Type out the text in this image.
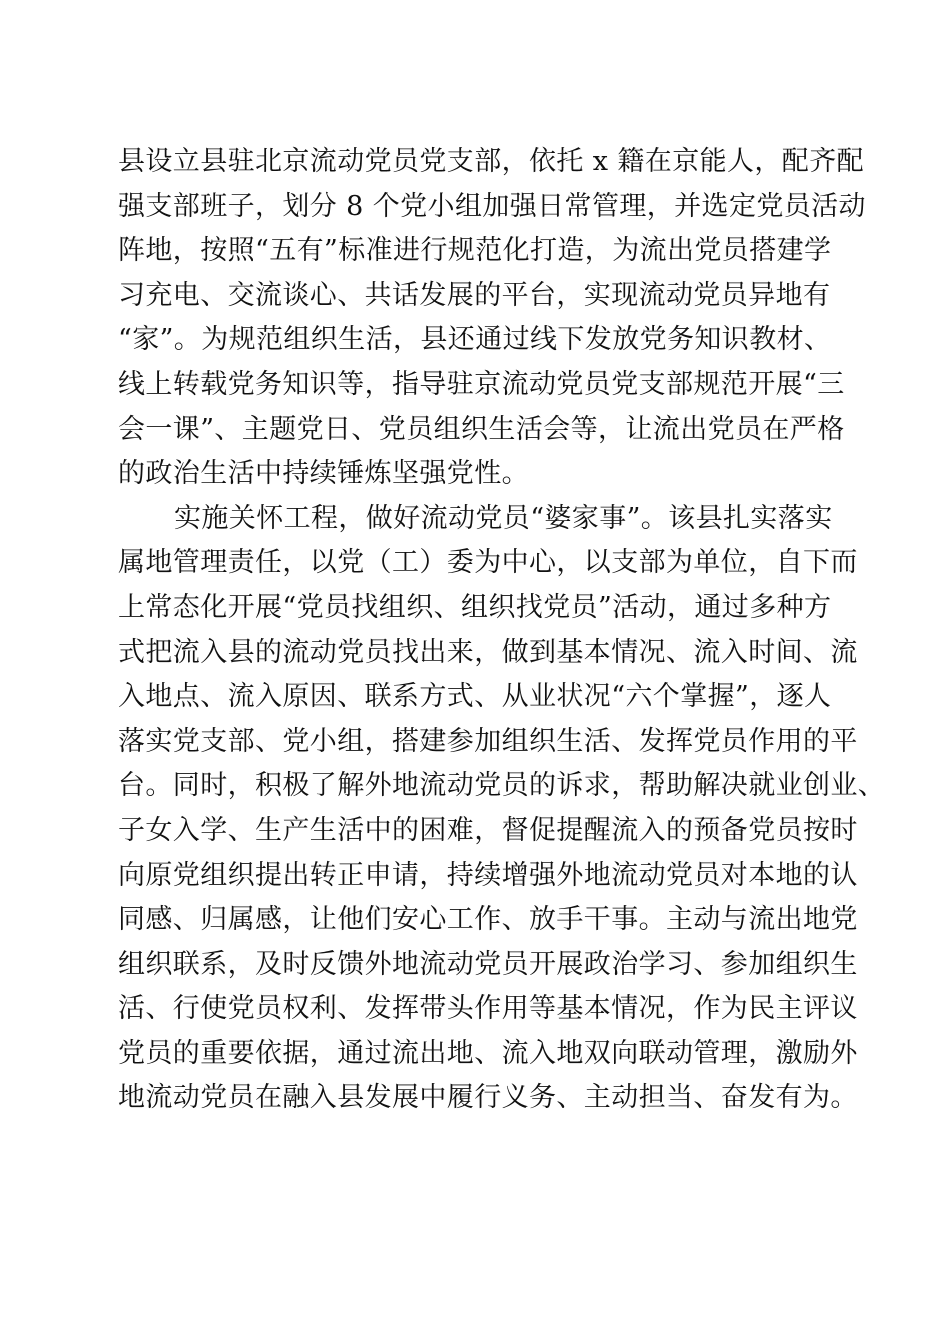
县设立县驻北京流动党员党支部，依托 x 籍在京能人，配齐配
强支部班子，划分 8 个党小组加强日常管理，并选定党员活动
阵地，按照“五有”标准进行规范化打造，为流出党员搭建学
习充电、交流谈心、共话发展的平台，实现流动党员异地有
“家”。为规范组织生活，县还通过线下发放党务知识教材、
线上转载党务知识等，指导驻京流动党员党支部规范开展“三
会一课”、主题党日、党员组织生活会等，让流出党员在严格
的政治生活中持续锤炼坚强党性。
实施关怀工程，做好流动党员“婆家事”。该县扎实落实
属地管理责任，以党（工）委为中心，以支部为单位，自下而
上常态化开展“党员找组织、组织找党员”活动，通过多种方
式把流入县的流动党员找出来，做到基本情况、流入时间、流
入地点、流入原因、联系方式、从业状况“六个掌握”，逐人
落实党支部、党小组，搭建参加组织生活、发挥党员作用的平
台。同时，积极了解外地流动党员的诉求，帮助解决就业创业、
子女入学、生产生活中的困难，督促提醒流入的预备党员按时
向原党组织提出转正申请，持续增强外地流动党员对本地的认
同感、归属感，让他们安心工作、放手干事。主动与流出地党
组织联系，及时反馈外地流动党员开展政治学习、参加组织生
活、行使党员权利、发挥带头作用等基本情况，作为民主评议
党员的重要依据，通过流出地、流入地双向联动管理，激励外
地流动党员在融入县发展中履行义务、主动担当、奋发有为。
